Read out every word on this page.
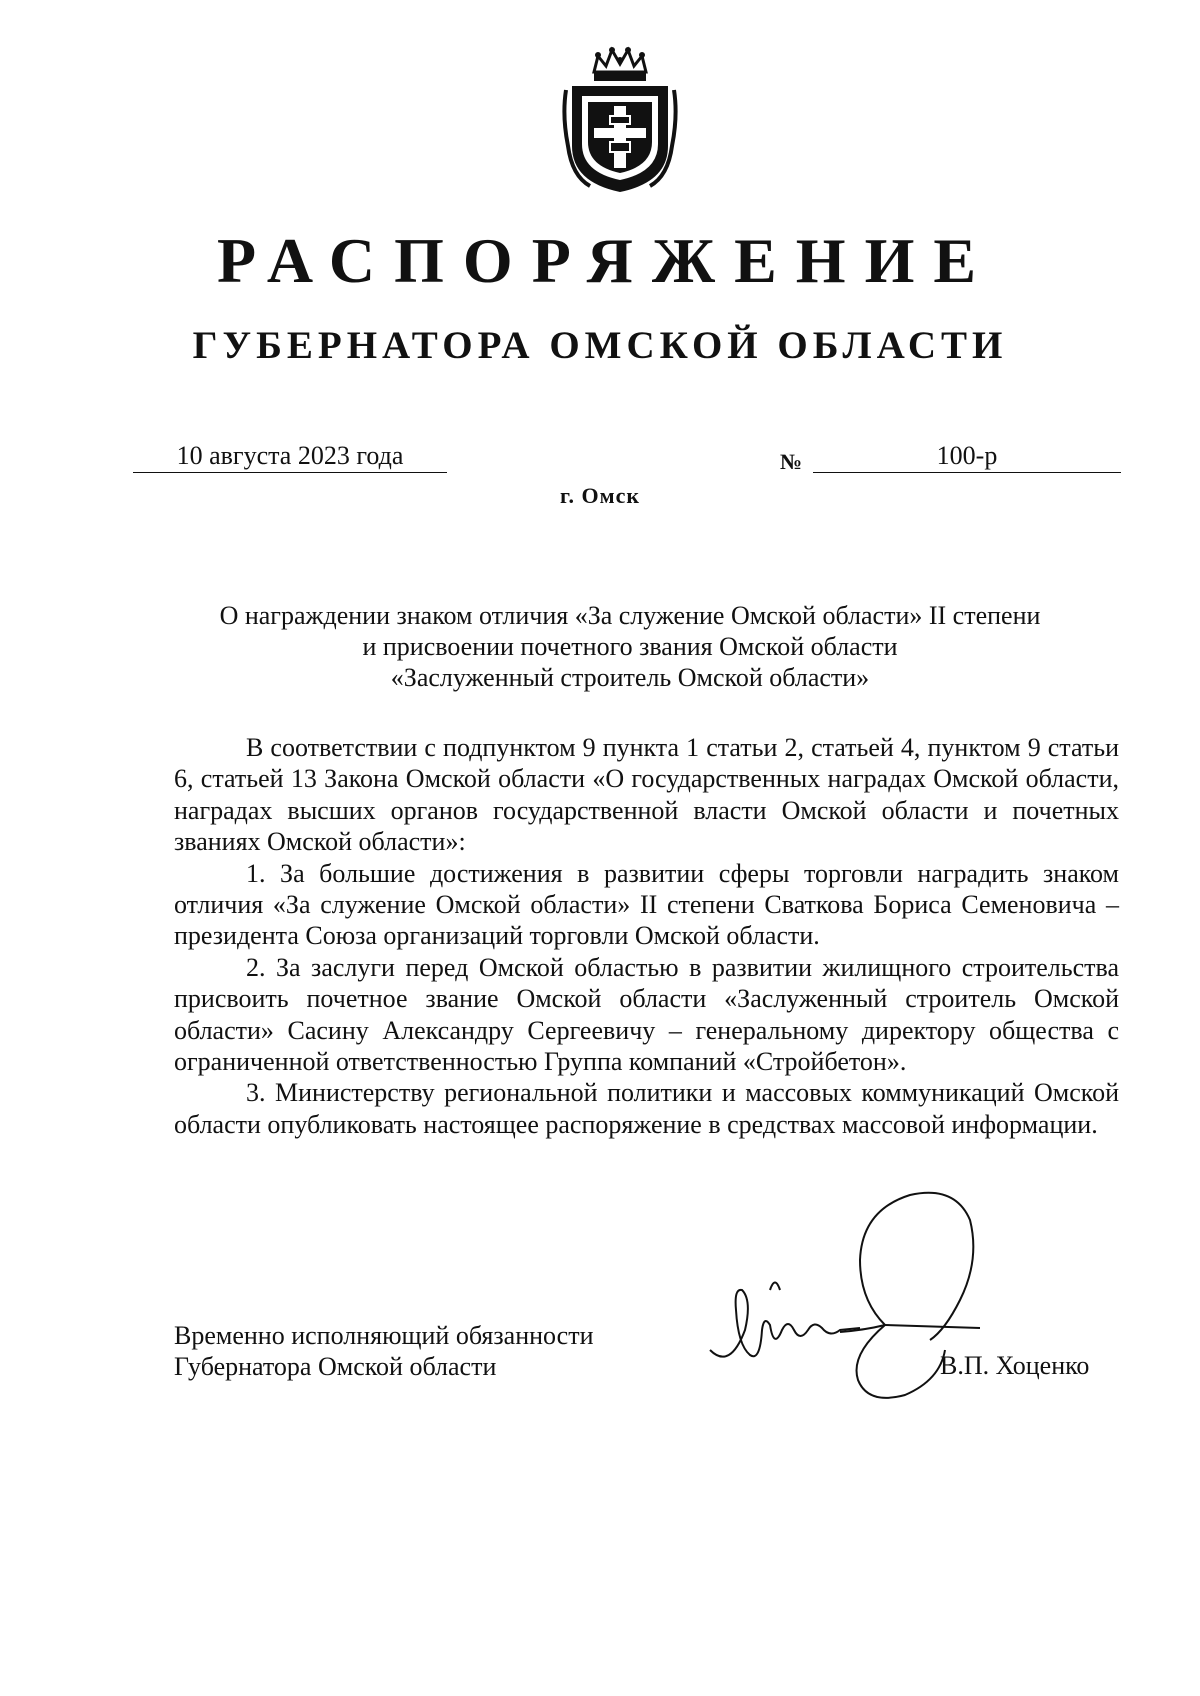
РАСПОРЯЖЕНИЕ
ГУБЕРНАТОРА ОМСКОЙ ОБЛАСТИ
10 августа 2023 года	№	100-р
г. Омск
О награждении знаком отличия «За служение Омской области» II степени
и присвоении почетного звания Омской области
«Заслуженный строитель Омской области»

В соответствии с подпунктом 9 пункта 1 статьи 2, статьей 4, пунктом 9 статьи 6, статьей 13 Закона Омской области «О государственных наградах Омской области, наградах высших органов государственной власти Омской области и почетных званиях Омской области»:

1. За большие достижения в развитии сферы торговли наградить знаком отличия «За служение Омской области» II степени Сваткова Бориса Семеновича – президента Союза организаций торговли Омской области.

2. За заслуги перед Омской областью в развитии жилищного строительства присвоить почетное звание Омской области «Заслуженный строитель Омской области» Сасину Александру Сергеевичу – генеральному директору общества с ограниченной ответственностью Группа компаний «Стройбетон».

3. Министерству региональной политики и массовых коммуникаций Омской области опубликовать настоящее распоряжение в средствах массовой информации.

Временно исполняющий обязанности
Губернатора Омской области	В.П. Хоценко
